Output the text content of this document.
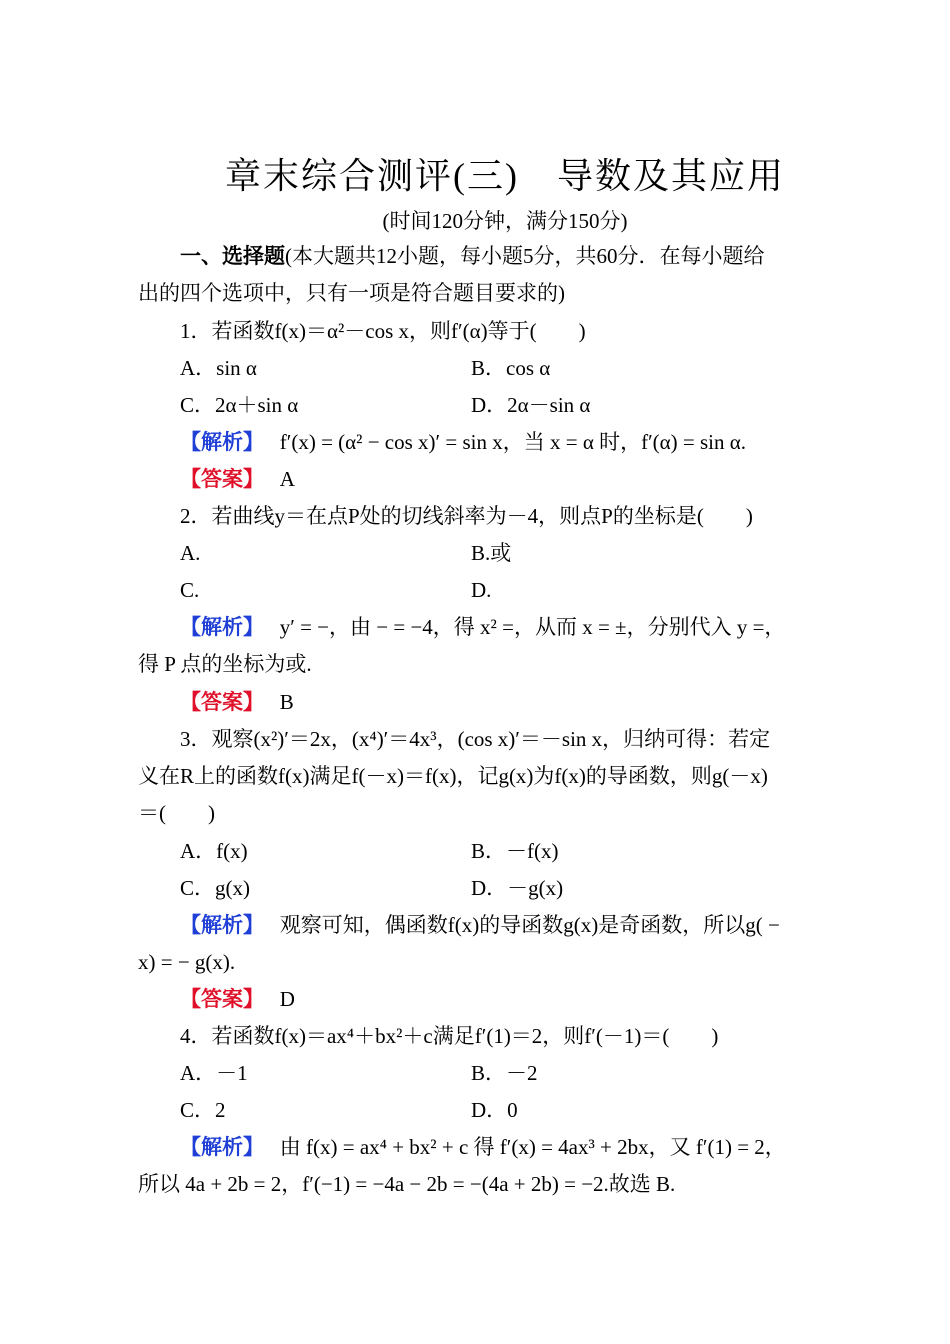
章末综合测评(三)　导数及其应用
(时间120分钟，满分150分)
一、选择题(本大题共12小题，每小题5分，共60分．在每小题给
出的四个选项中，只有一项是符合题目要求的)
1．若函数f(x)＝α²－cos x，则f′(α)等于(　　)
A．sin α	B．cos α
C．2α＋sin α	D．2α－sin α
【解析】 f′(x) = (α² − cos x)′ = sin x，当 x = α 时，f′(α) = sin α.
【答案】 A
2．若曲线y＝在点P处的切线斜率为－4，则点P的坐标是(　　)
A.	B.或
C.	D.
【解析】 y′ = −，由 − = −4，得 x² =，从而 x = ±，分别代入 y =，
得 P 点的坐标为或.
【答案】 B
3．观察(x²)′＝2x，(x⁴)′＝4x³，(cos x)′＝－sin x，归纳可得：若定
义在R上的函数f(x)满足f(－x)＝f(x)，记g(x)为f(x)的导函数，则g(－x)
＝(　　)
A．f(x)	B．－f(x)
C．g(x)	D．－g(x)
【解析】 观察可知，偶函数f(x)的导函数g(x)是奇函数，所以g( −
x) = − g(x).
【答案】 D
4．若函数f(x)＝ax⁴＋bx²＋c满足f′(1)＝2，则f′(－1)＝(　　)
A．－1	B．－2
C．2	D．0
【解析】 由 f(x) = ax⁴ + bx² + c 得 f′(x) = 4ax³ + 2bx，又 f′(1) = 2，
所以 4a + 2b = 2，f′(−1) = −4a − 2b = −(4a + 2b) = −2.故选 B.
